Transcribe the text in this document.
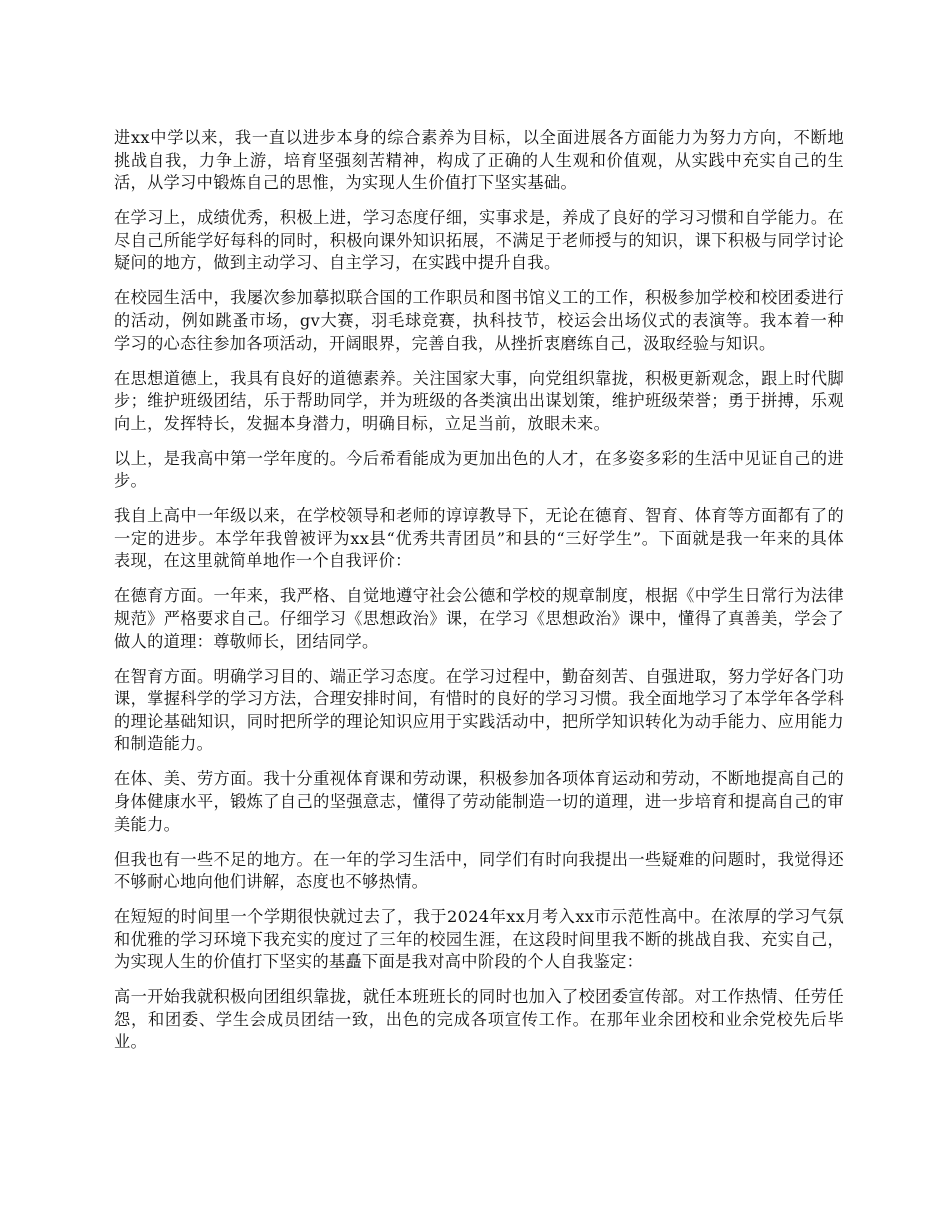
进xx中学以来，我一直以进步本身的综合素养为目标，以全面进展各方面能力为努力方向，不断地挑战自我，力争上游，培育坚强刻苦精神，构成了正确的人生观和价值观，从实践中充实自己的生活，从学习中锻炼自己的思惟，为实现人生价值打下坚实基础。

在学习上，成绩优秀，积极上进，学习态度仔细，实事求是，养成了良好的学习习惯和自学能力。在尽自己所能学好每科的同时，积极向课外知识拓展，不满足于老师授与的知识，课下积极与同学讨论疑问的地方，做到主动学习、自主学习，在实践中提升自我。

在校园生活中，我屡次参加摹拟联合国的工作职员和图书馆义工的工作，积极参加学校和校团委进行的活动，例如跳蚤市场，gv大赛，羽毛球竞赛，执科技节，校运会出场仪式的表演等。我本着一种学习的心态往参加各项活动，开阔眼界，完善自我，从挫折衷磨练自己，汲取经验与知识。

在思想道德上，我具有良好的道德素养。关注国家大事，向党组织靠拢，积极更新观念，跟上时代脚步；维护班级团结，乐于帮助同学，并为班级的各类演出出谋划策，维护班级荣誉；勇于拼搏，乐观向上，发挥特长，发掘本身潜力，明确目标，立足当前，放眼未来。

以上，是我高中第一学年度的。今后希看能成为更加出色的人才，在多姿多彩的生活中见证自己的进步。

我自上高中一年级以来，在学校领导和老师的谆谆教导下，无论在德育、智育、体育等方面都有了的一定的进步。本学年我曾被评为xx县“优秀共青团员”和县的“三好学生”。下面就是我一年来的具体表现，在这里就简单地作一个自我评价：

在德育方面。一年来，我严格、自觉地遵守社会公德和学校的规章制度，根据《中学生日常行为法律规范》严格要求自己。仔细学习《思想政治》课，在学习《思想政治》课中，懂得了真善美，学会了做人的道理：尊敬师长，团结同学。

在智育方面。明确学习目的、端正学习态度。在学习过程中，勤奋刻苦、自强进取，努力学好各门功课，掌握科学的学习方法，合理安排时间，有惜时的良好的学习习惯。我全面地学习了本学年各学科的理论基础知识，同时把所学的理论知识应用于实践活动中，把所学知识转化为动手能力、应用能力和制造能力。

在体、美、劳方面。我十分重视体育课和劳动课，积极参加各项体育运动和劳动，不断地提高自己的身体健康水平，锻炼了自己的坚强意志，懂得了劳动能制造一切的道理，进一步培育和提高自己的审美能力。

但我也有一些不足的地方。在一年的学习生活中，同学们有时向我提出一些疑难的问题时，我觉得还不够耐心地向他们讲解，态度也不够热情。

在短短的时间里一个学期很快就过去了，我于2024年xx月考入xx市示范性高中。在浓厚的学习气氛和优雅的学习环境下我充实的度过了三年的校园生涯，在这段时间里我不断的挑战自我、充实自己，为实现人生的价值打下坚实的基矗下面是我对高中阶段的个人自我鉴定：

高一开始我就积极向团组织靠拢，就任本班班长的同时也加入了校团委宣传部。对工作热情、任劳任怨，和团委、学生会成员团结一致，出色的完成各项宣传工作。在那年业余团校和业余党校先后毕业。
